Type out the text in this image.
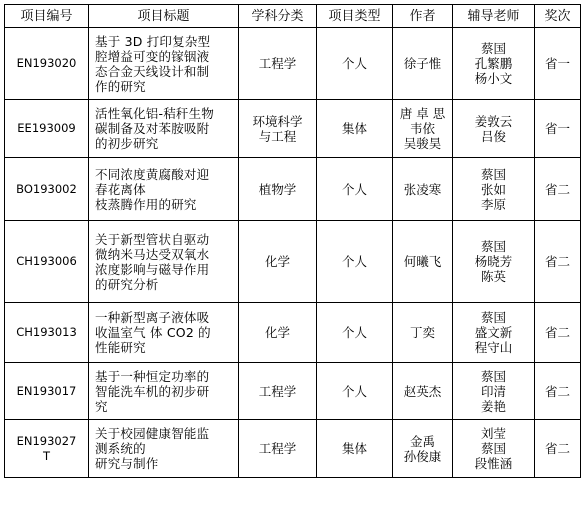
项目编号	项目标题	学科分类	项目类型	作者	辅导老师	奖次

EN193020	基于 3D 打印复杂型
腔增益可变的镓铟液
态合金天线设计和制
作的研究	工程学	个人	徐子惟	蔡国
孔繁鹏
杨小文	省一

EE193009	活性氧化铝-秸秆生物
碳制备及对苯胺吸附
的初步研究	环境科学
与工程	集体	唐 卓 思
韦依
吴骏昊	姜敦云
吕俊	省一

BO193002	不同浓度黄腐酸对迎
春花离体
枝蒸腾作用的研究	植物学	个人	张凌寒	蔡国
张如
李原	省二

CH193006	关于新型管状自驱动
微纳米马达受双氧水
浓度影响与磁导作用
的研究分析	化学	个人	何曦飞	蔡国
杨晓芳
陈英	省二

CH193013	一种新型离子液体吸
收温室气 体 CO2 的
性能研究	化学	个人	丁奕	蔡国
盛文新
程守山	省二

EN193017	基于一种恒定功率的
智能洗车机的初步研
究	工程学	个人	赵英杰	蔡国
印清
姜艳	省二

EN193027
T	关于校园健康智能监
测系统的
研究与制作	工程学	集体	金禹
孙俊康	刘莹
蔡国
段惟涵	省二
